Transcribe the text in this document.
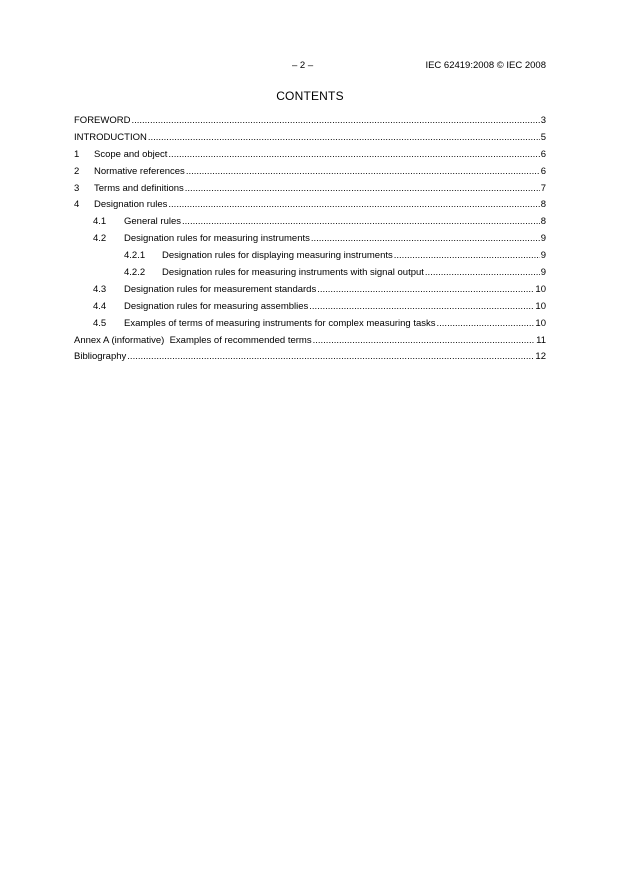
– 2 –	IEC 62419:2008 © IEC 2008
CONTENTS
FOREWORD .....	3
INTRODUCTION .....	5
1	Scope and object .....	6
2	Normative references .....	6
3	Terms and definitions .....	7
4	Designation rules .....	8
4.1	General rules .....	8
4.2	Designation rules for measuring instruments .....	9
4.2.1	Designation rules for displaying measuring instruments .....	9
4.2.2	Designation rules for measuring instruments with signal output .....	9
4.3	Designation rules for measurement standards .....	10
4.4	Designation rules for measuring assemblies .....	10
4.5	Examples of terms of measuring instruments for complex measuring tasks .....	10
Annex A (informative)  Examples of recommended terms .....	11
Bibliography .....	12
